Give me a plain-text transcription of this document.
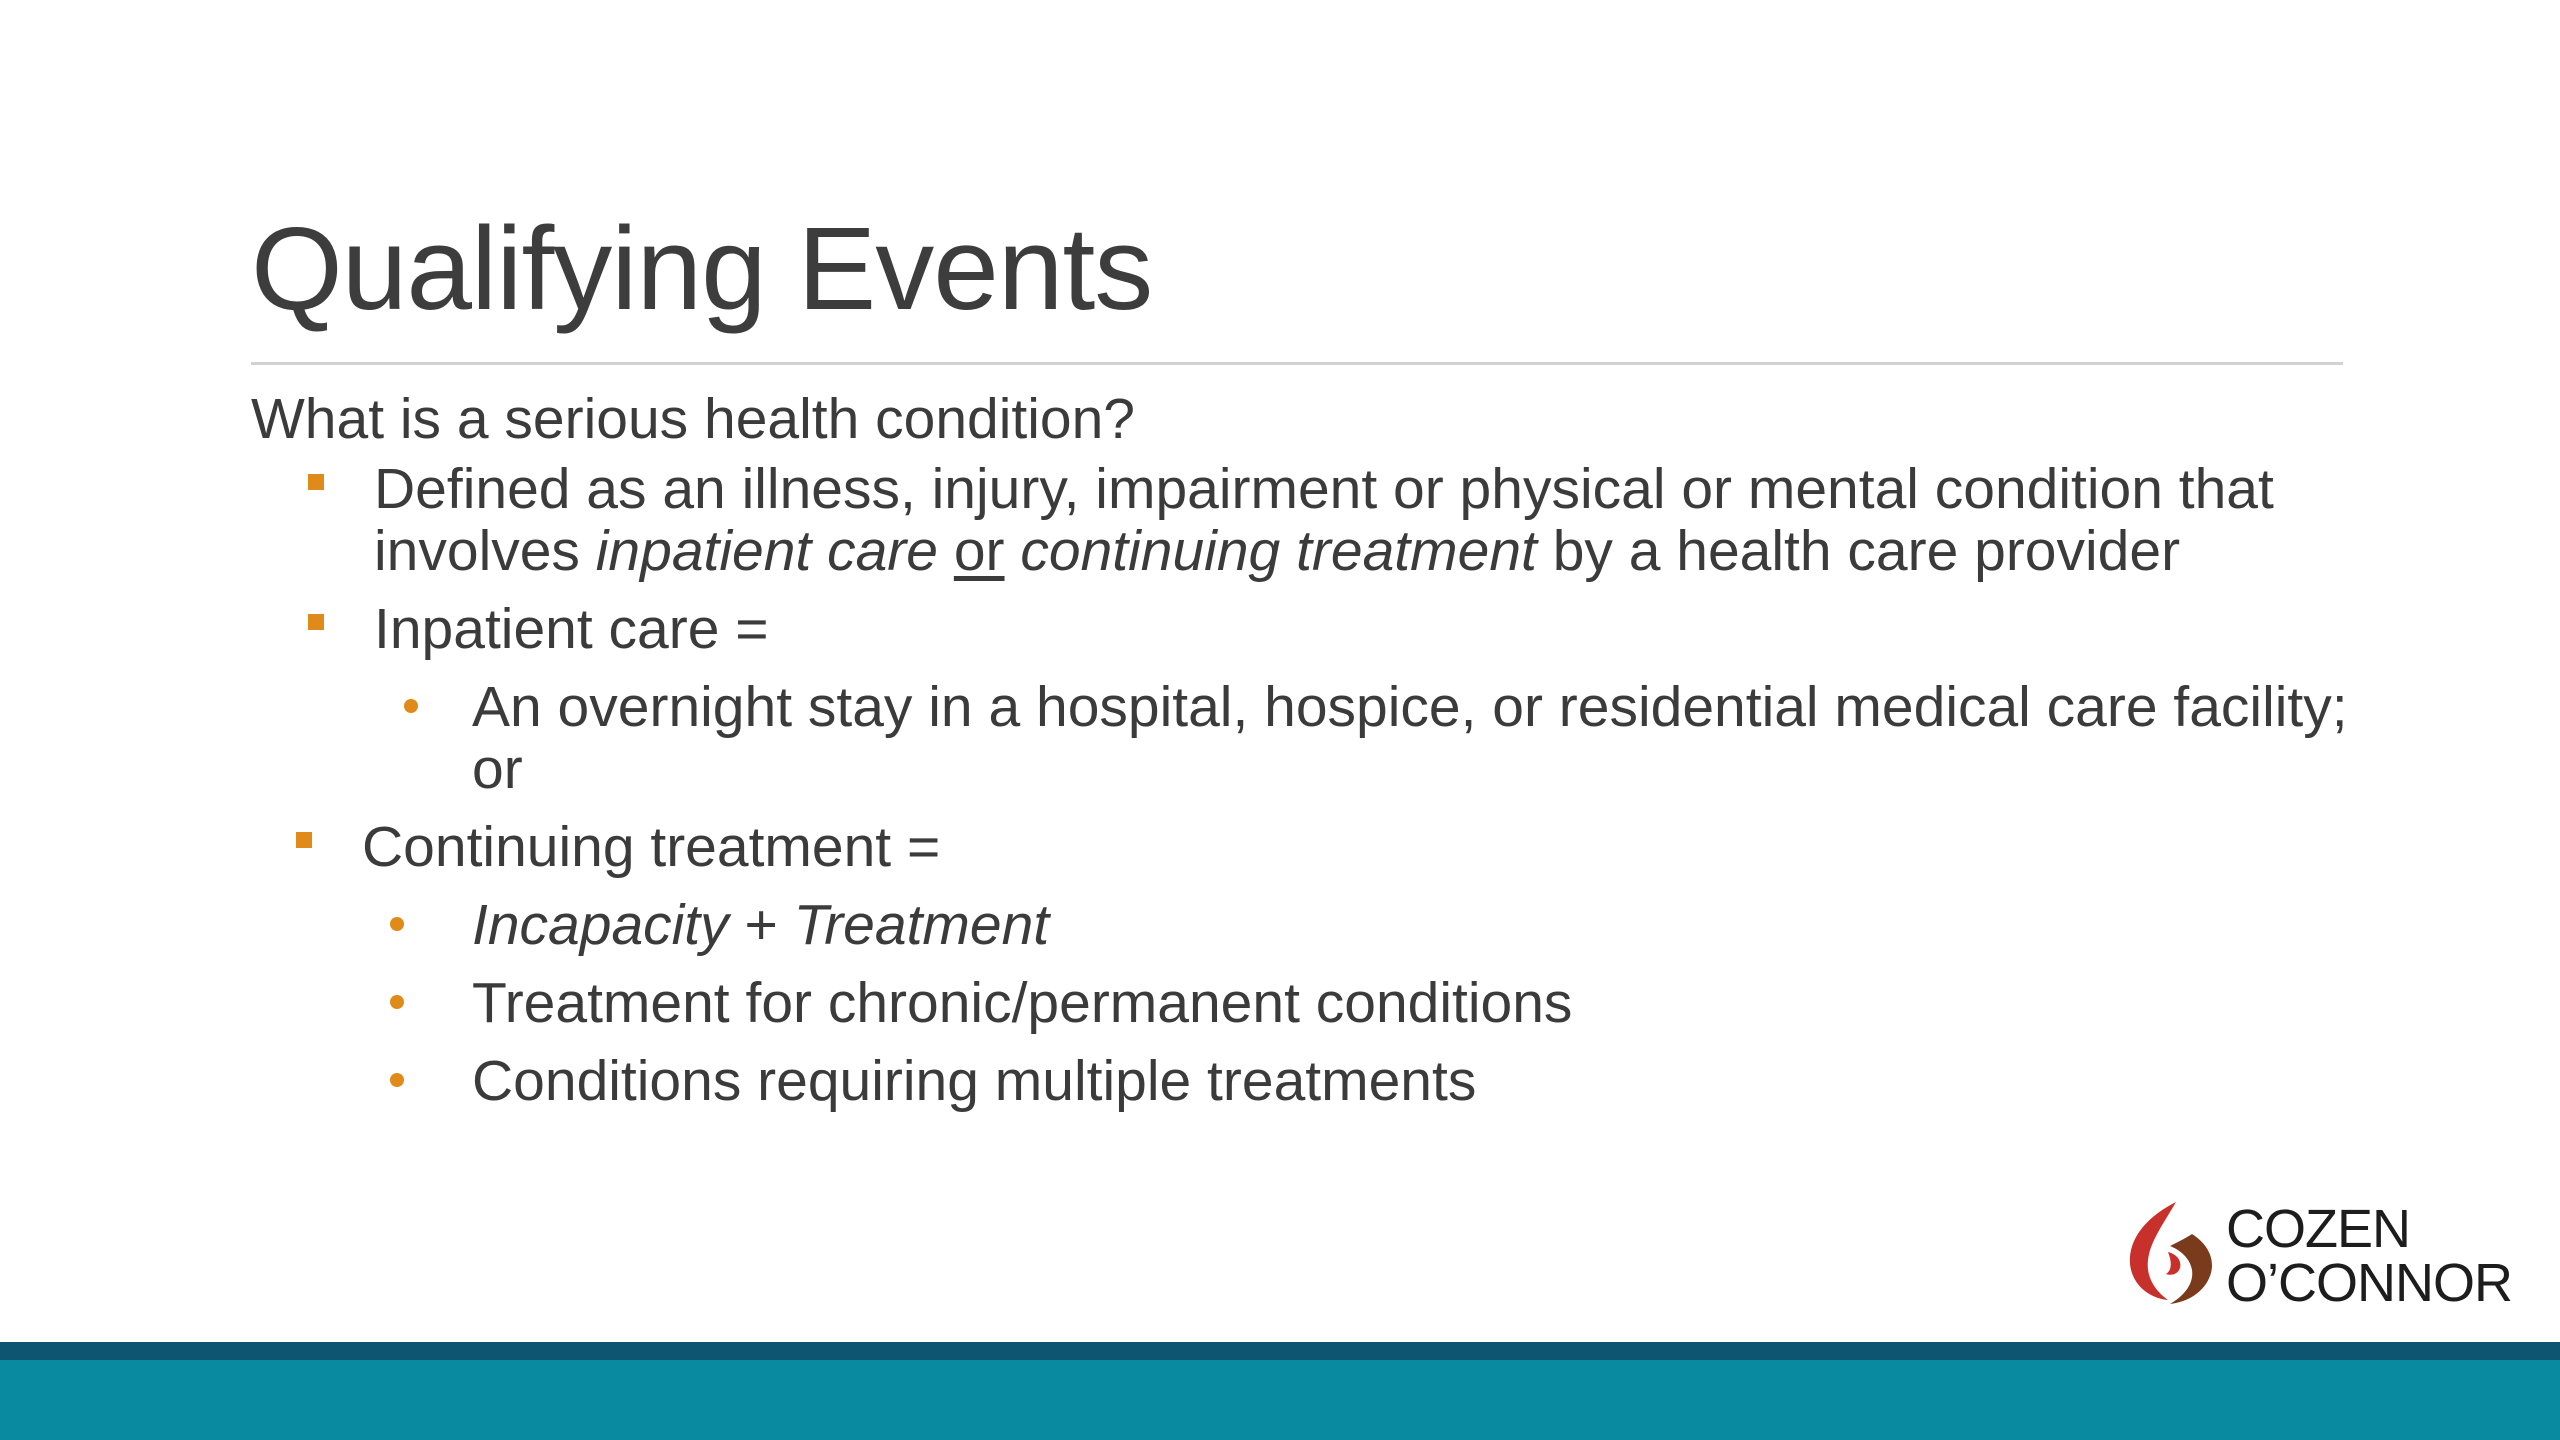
Qualifying Events
What is a serious health condition?
Defined as an illness, injury, impairment or physical or mental condition that involves inpatient care or continuing treatment by a health care provider
Inpatient care =
An overnight stay in a hospital, hospice, or residential medical care facility; or
Continuing treatment =
Incapacity + Treatment
Treatment for chronic/permanent conditions
Conditions requiring multiple treatments
COZEN
O’CONNOR
